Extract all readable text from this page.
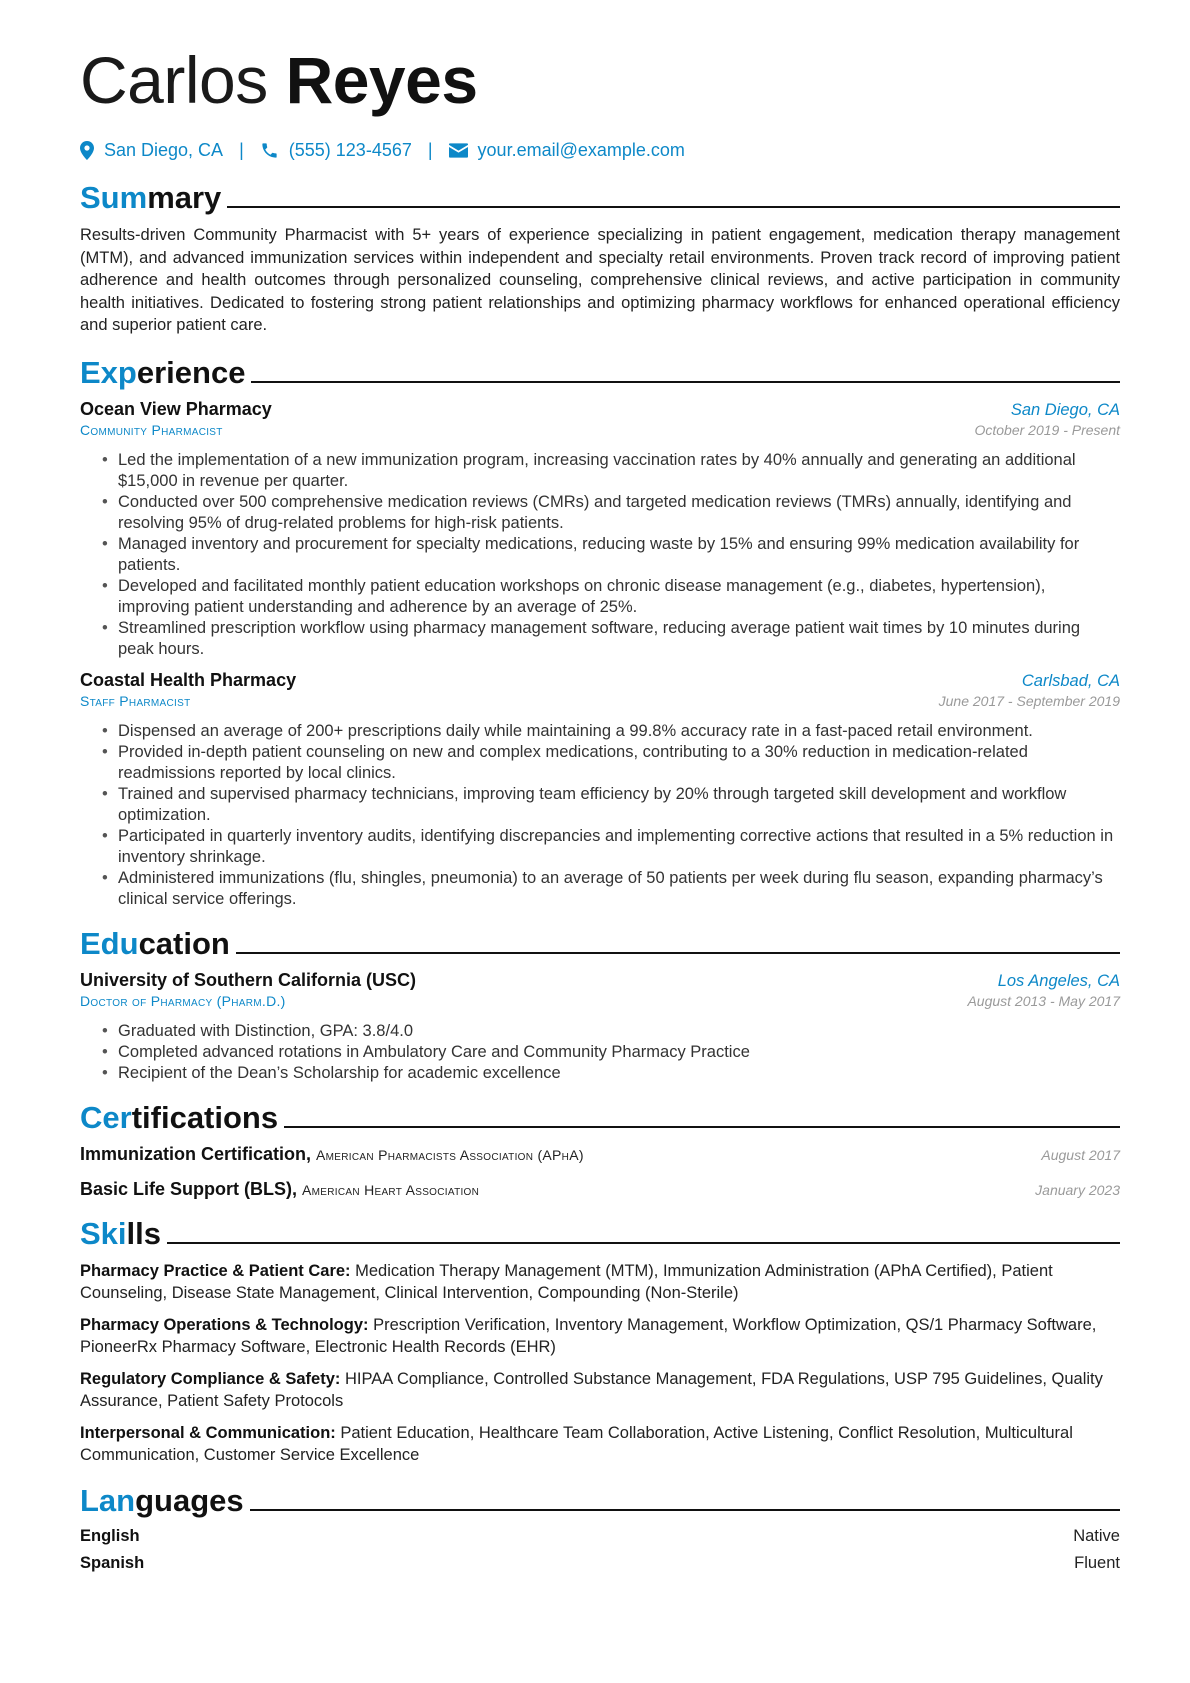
Carlos Reyes
San Diego, CA |	(555) 123-4567 |	your.email@example.com
Summary

Results-driven Community Pharmacist with 5+ years of experience specializing in patient engagement, medication therapy management (MTM), and advanced immunization services within independent and specialty retail environments. Proven track record of improving patient adherence and health outcomes through personalized counseling, comprehensive clinical reviews, and active participation in community health initiatives. Dedicated to fostering strong patient relationships and optimizing pharmacy workflows for enhanced operational efficiency and superior patient care.

Experience
Ocean View Pharmacy	San Diego, CA
Community Pharmacist	October 2019 - Present
• Led the implementation of a new immunization program, increasing vaccination rates by 40% annually and generating an additional $15,000 in revenue per quarter.
• Conducted over 500 comprehensive medication reviews (CMRs) and targeted medication reviews (TMRs) annually, identifying and resolving 95% of drug-related problems for high-risk patients.
• Managed inventory and procurement for specialty medications, reducing waste by 15% and ensuring 99% medication availability for patients.
• Developed and facilitated monthly patient education workshops on chronic disease management (e.g., diabetes, hypertension), improving patient understanding and adherence by an average of 25%.
• Streamlined prescription workflow using pharmacy management software, reducing average patient wait times by 10 minutes during peak hours.
Coastal Health Pharmacy	Carlsbad, CA
Staff Pharmacist	June 2017 - September 2019
• Dispensed an average of 200+ prescriptions daily while maintaining a 99.8% accuracy rate in a fast-paced retail environment.
• Provided in-depth patient counseling on new and complex medications, contributing to a 30% reduction in medication-related readmissions reported by local clinics.
• Trained and supervised pharmacy technicians, improving team efficiency by 20% through targeted skill development and workflow optimization.
• Participated in quarterly inventory audits, identifying discrepancies and implementing corrective actions that resulted in a 5% reduction in inventory shrinkage.
• Administered immunizations (flu, shingles, pneumonia) to an average of 50 patients per week during flu season, expanding pharmacy’s clinical service offerings.
Education
University of Southern California (USC)	Los Angeles, CA
Doctor of Pharmacy (Pharm.D.)	August 2013 - May 2017
• Graduated with Distinction, GPA: 3.8/4.0
• Completed advanced rotations in Ambulatory Care and Community Pharmacy Practice
• Recipient of the Dean’s Scholarship for academic excellence
Certifications
Immunization Certification, American Pharmacists Association (APhA)	August 2017
Basic Life Support (BLS), American Heart Association	January 2023
Skills

Pharmacy Practice & Patient Care: Medication Therapy Management (MTM), Immunization Administration (APhA Certified), Patient Counseling, Disease State Management, Clinical Intervention, Compounding (Non-Sterile)

Pharmacy Operations & Technology: Prescription Verification, Inventory Management, Workflow Optimization, QS/1 Pharmacy Software, PioneerRx Pharmacy Software, Electronic Health Records (EHR)

Regulatory Compliance & Safety: HIPAA Compliance, Controlled Substance Management, FDA Regulations, USP 795 Guidelines, Quality Assurance, Patient Safety Protocols

Interpersonal & Communication: Patient Education, Healthcare Team Collaboration, Active Listening, Conflict Resolution, Multicultural Communication, Customer Service Excellence

Languages
English	Native
Spanish	Fluent
